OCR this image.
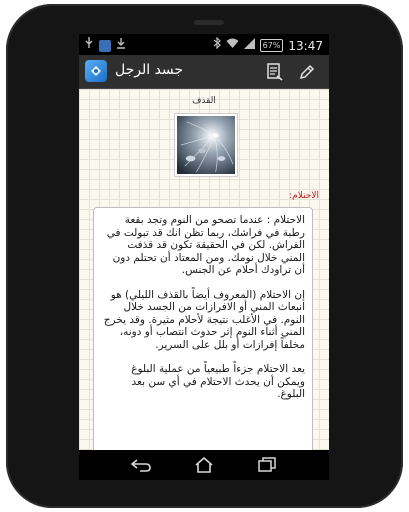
67% 13:47
جسد الرجل
القذف
الاحتلام:

الاحتلام : عندما تصحو من النوم وتجد بقعة رطبة في فراشك، ربما تظن انك قد تبولت في الفراش. لكن في الحقيقة تكون قد قذفت المني خلال نومك. ومن المعتاد أن تحتلم دون أن تراودك أحلام عن الجنس.

إن الاحتلام (المعروف أيضاً بالقذف الليلي) هو انبعاث المني أو الافرازات من الجسد خلال النوم. في الأغلب نتيجة لأحلام مثيرة. وقد يخرج المني أثناء النوم إثر حدوث انتصاب أو دونه، مخلفاً إفرازات أو بلل على السرير.

يعد الاحتلام جزءاً طبيعياً من عملية البلوغ ويمكن أن يحدث الاحتلام في أي سن بعد البلوغ.
